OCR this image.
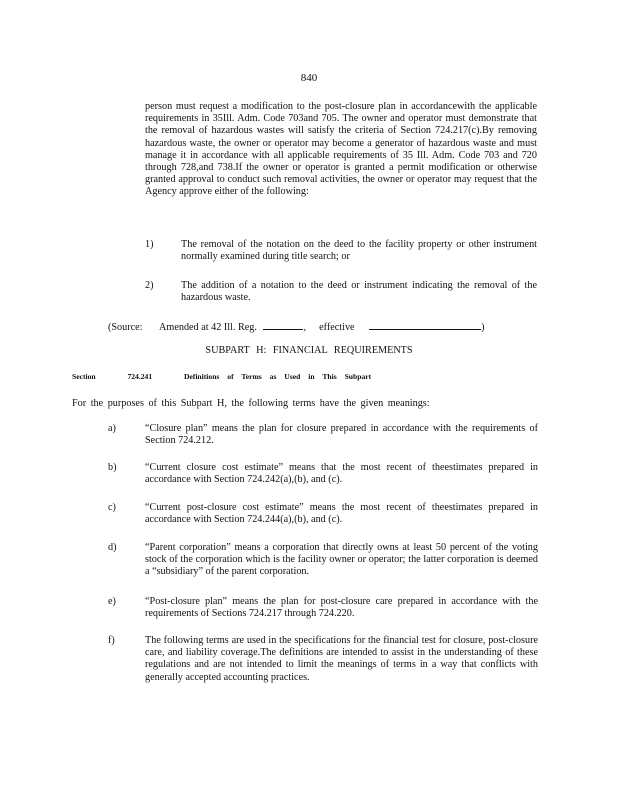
840

person must request a modification to the post-closure plan in accordancewith the applicable requirements in 35Ill. Adm. Code 703and 705. The owner and operator must demonstrate that the removal of hazardous wastes will satisfy the criteria of Section 724.217(c).By removing hazardous waste, the owner or operator may become a generator of hazardous waste and must manage it in accordance with all applicable requirements of 35 Ill. Adm. Code 703 and 720 through 728,and 738.If the owner or operator is granted a permit modification or otherwise granted approval to conduct such removal activities, the owner or operator may request that the Agency approve either of the following:

1)	The removal of the notation on the deed to the facility property or other instrument normally examined during title search; or

2)	The addition of a notation to the deed or instrument indicating the removal of the hazardous waste.

(Source: Amended at 42 Ill. Reg.	, effective	)
SUBPART H: FINANCIAL REQUIREMENTS
Section	724.241	Definitions of Terms as Used in This Subpart
For the purposes of this Subpart H, the following terms have the given meanings:
a)	“Closure plan” means the plan for closure prepared in accordance with the requirements of Section 724.212.

b)	“Current closure cost estimate” means that the most recent of theestimates prepared in accordance with Section 724.242(a),(b), and (c).

c)	“Current post-closure cost estimate” means the most recent of theestimates prepared in accordance with Section 724.244(a),(b), and (c).

d)	“Parent corporation” means a corporation that directly owns at least 50 percent of the voting stock of the corporation which is the facility owner or operator; the latter corporation is deemed a “subsidiary” of the parent corporation.

e)	“Post-closure plan” means the plan for post-closure care prepared in accordance with the requirements of Sections 724.217 through 724.220.

f)	The following terms are used in the specifications for the financial test for closure, post-closure care, and liability coverage.The definitions are intended to assist in the understanding of these regulations and are not intended to limit the meanings of terms in a way that conflicts with generally accepted accounting practices.
